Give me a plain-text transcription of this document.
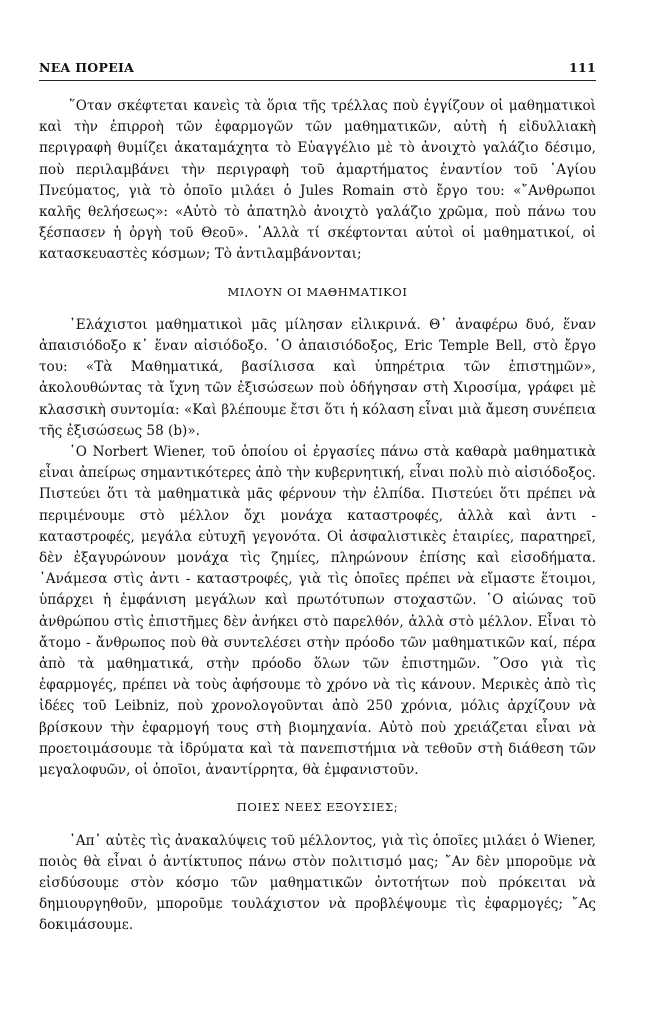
ΝΕΑ ΠΟΡΕΙΑ	111

῞Οταν σκέφτεται κανεὶς τὰ ὅρια τῆς τρέλλας ποὺ ἐγγίζουν οἱ μαθηματικοὶ καὶ τὴν ἐπιρροὴ τῶν ἐφαρμογῶν τῶν μαθηματικῶν, αὐτὴ ἡ εἰδυλλιακὴ περιγραφὴ θυμίζει ἀκαταμάχητα τὸ Εὐαγγέλιο μὲ τὸ ἀνοιχτὸ γαλάζιο δέσιμο, ποὺ περιλαμβάνει τὴν περιγραφὴ τοῦ ἁμαρτήματος ἐναντίον τοῦ ῾Αγίου Πνεύματος, γιὰ τὸ ὁποῖο μιλάει ὁ Jules Romain στὸ ἔργο του: «῎Ανθρωποι καλῆς θελήσεως»: «Αὐτὸ τὸ ἀπατηλὸ ἀνοιχτὸ γαλάζιο χρῶμα, ποὺ πάνω του ξέσπασεν ἡ ὀργὴ τοῦ Θεοῦ». ᾿Αλλὰ τί σκέφτονται αὐτοὶ οἱ μαθηματικοί, οἱ κατασκευαστὲς κόσμων; Τὸ ἀντιλαμβάνονται;

ΜΙΛΟΥΝ ΟΙ ΜΑΘΗΜΑΤΙΚΟΙ

᾿Ελάχιστοι μαθηματικοὶ μᾶς μίλησαν εἰλικρινά. Θ᾿ ἀναφέρω δυό, ἕναν ἀπαισιόδοξο κ᾿ ἕναν αἰσιόδοξο. ῾Ο ἀπαισιόδοξος, Eric Temple Bell, στὸ ἔργο του: «Τὰ Μαθηματικά, βασίλισσα καὶ ὑπηρέτρια τῶν ἐπιστημῶν», ἀκολουθώντας τὰ ἴχνη τῶν ἐξισώσεων ποὺ ὁδήγησαν στὴ Χιροσίμα, γράφει μὲ κλασσικὴ συντομία: «Καὶ βλέπουμε ἔτσι ὅτι ἡ κόλαση εἶναι μιὰ ἄμεση συνέπεια τῆς ἐξισώσεως 58 (b)».

῾Ο Norbert Wiener, τοῦ ὁποίου οἱ ἐργασίες πάνω στὰ καθαρὰ μαθηματικὰ εἶναι ἀπείρως σημαντικότερες ἀπὸ τὴν κυβερνητική, εἶναι πολὺ πιὸ αἰσιόδοξος. Πιστεύει ὅτι τὰ μαθηματικὰ μᾶς φέρνουν τὴν ἐλπίδα. Πιστεύει ὅτι πρέπει νὰ περιμένουμε στὸ μέλλον ὄχι μονάχα καταστροφές, ἀλλὰ καὶ ἀντι - καταστροφές, μεγάλα εὐτυχῆ γεγονότα. Οἱ ἀσφαλιστικὲς ἑταιρίες, παρατηρεῖ, δὲν ἐξαγυρώνουν μονάχα τὶς ζημίες, πληρώνουν ἐπίσης καὶ εἰσοδήματα. ᾿Ανάμεσα στὶς ἀντι - καταστροφές, γιὰ τὶς ὁποῖες πρέπει νὰ εἴμαστε ἕτοιμοι, ὑπάρχει ἡ ἐμφάνιση μεγάλων καὶ πρωτότυπων στοχαστῶν. ῾Ο αἰώνας τοῦ ἀνθρώπου στὶς ἐπιστῆμες δὲν ἀνήκει στὸ παρελθόν, ἀλλὰ στὸ μέλλον. Εἶναι τὸ ἄτομο - ἄνθρωπος ποὺ θὰ συντελέσει στὴν πρόοδο τῶν μαθηματικῶν καί, πέρα ἀπὸ τὰ μαθηματικά, στὴν πρόοδο ὅλων τῶν ἐπιστημῶν. ῞Οσο γιὰ τὶς ἐφαρμογές, πρέπει νὰ τοὺς ἀφήσουμε τὸ χρόνο νὰ τὶς κάνουν. Μερικὲς ἀπὸ τὶς ἰδέες τοῦ Leibniz, ποὺ χρονολογοῦνται ἀπὸ 250 χρόνια, μόλις ἀρχίζουν νὰ βρίσκουν τὴν ἐφαρμογή τους στὴ βιομηχανία. Αὐτὸ ποὺ χρειάζεται εἶναι νὰ προετοιμάσουμε τὰ ἱδρύματα καὶ τὰ πανεπιστήμια νὰ τεθοῦν στὴ διάθεση τῶν μεγαλοφυῶν, οἱ ὁποῖοι, ἀναντίρρητα, θὰ ἐμφανιστοῦν.

ΠΟΙΕΣ ΝΕΕΣ ΕΞΟΥΣΙΕΣ;

᾿Απ᾿ αὐτὲς τὶς ἀνακαλύψεις τοῦ μέλλοντος, γιὰ τὶς ὁποῖες μιλάει ὁ Wiener, ποιὸς θὰ εἶναι ὁ ἀντίκτυπος πάνω στὸν πολιτισμό μας; ῎Αν δὲν μποροῦμε νὰ εἰσδύσουμε στὸν κόσμο τῶν μαθηματικῶν ὀντοτήτων ποὺ πρόκειται νὰ δημιουργηθοῦν, μποροῦμε τουλάχιστον νὰ προβλέψουμε τὶς ἐφαρμογές; ῎Ας δοκιμάσουμε.
